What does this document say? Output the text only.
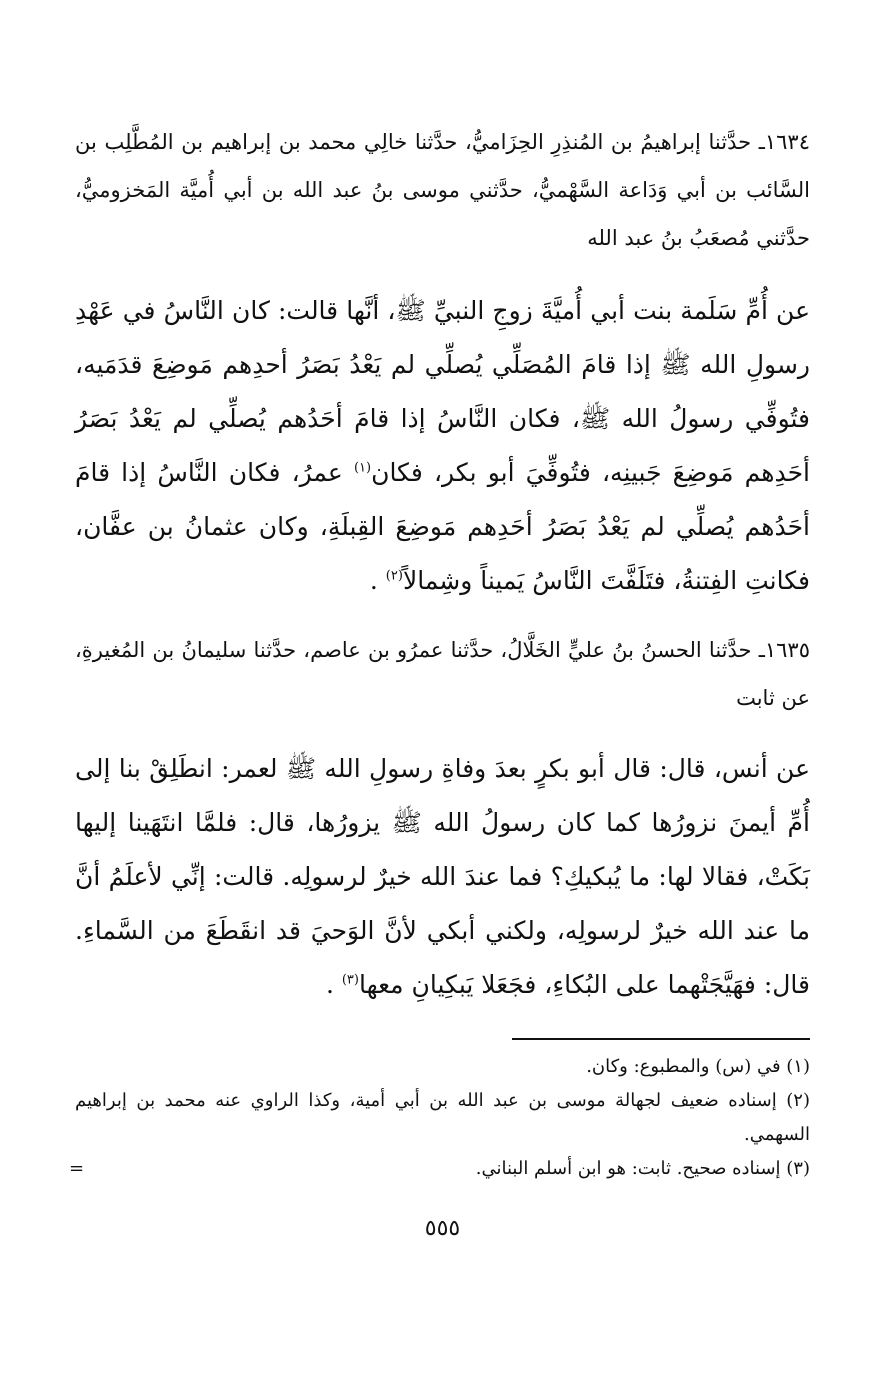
١٦٣٤ـ حدَّثنا إبراهيمُ بن المُنذِرِ الحِزَاميُّ، حدَّثنا خالِي محمد بن إبراهيم بن المُطَّلِب بن السَّائب بن أبي وَدَاعة السَّهْميُّ، حدَّثني موسى بنُ عبد الله بن أبي أُميَّة المَخزوميُّ، حدَّثني مُصعَبُ بنُ عبد الله

عن أُمِّ سَلَمة بنت أبي أُميَّةَ زوجِ النبيِّ ﷺ، أنَّها قالت: كان النَّاسُ في عَهْدِ رسولِ الله ﷺ إذا قامَ المُصَلِّي يُصلِّي لم يَعْدُ بَصَرُ أحدِهم مَوضِعَ قدَمَيه، فتُوفِّي رسولُ الله ﷺ، فكان النَّاسُ إذا قامَ أحَدُهم يُصلِّي لم يَعْدُ بَصَرُ أحَدِهم مَوضِعَ جَبينِه، فتُوفِّيَ أبو بكر، فكان$^{(١)}$ عمرُ، فكان النَّاسُ إذا قامَ أحَدُهم يُصلِّي لم يَعْدُ بَصَرُ أحَدِهم مَوضِعَ القِبلَةِ، وكان عثمانُ بن عفَّان، فكانتِ الفِتنةُ، فتَلَفَّتَ النَّاسُ يَميناً وشِمالاً$^{(٢)}$ .

١٦٣٥ـ حدَّثنا الحسنُ بنُ عليٍّ الخَلَّالُ، حدَّثنا عمرُو بن عاصم، حدَّثنا سليمانُ بن المُغيرةِ، عن ثابت

عن أنس، قال: قال أبو بكرٍ بعدَ وفاةِ رسولِ الله ﷺ لعمر: انطَلِقْ بنا إلى أُمِّ أيمنَ نزورُها كما كان رسولُ الله ﷺ يزورُها، قال: فلمَّا انتَهَينا إليها بَكَتْ، فقالا لها: ما يُبكيكِ؟ فما عندَ الله خيرٌ لرسولِه. قالت: إنِّي لأعلَمُ أنَّ ما عند الله خيرٌ لرسولِه، ولكني أبكي لأنَّ الوَحيَ قد انقَطَعَ من السَّماءِ. قال: فهَيَّجَتْهما على البُكاءِ، فجَعَلا يَبكِيانِ معها$^{(٣)}$ .

(١) في (س) والمطبوع: وكان.

(٢) إسناده ضعيف لجهالة موسى بن عبد الله بن أبي أمية، وكذا الراوي عنه محمد بن إبراهيم السهمي.

(٣) إسناده صحيح. ثابت: هو ابن أسلم البناني.
=

٥٥٥
